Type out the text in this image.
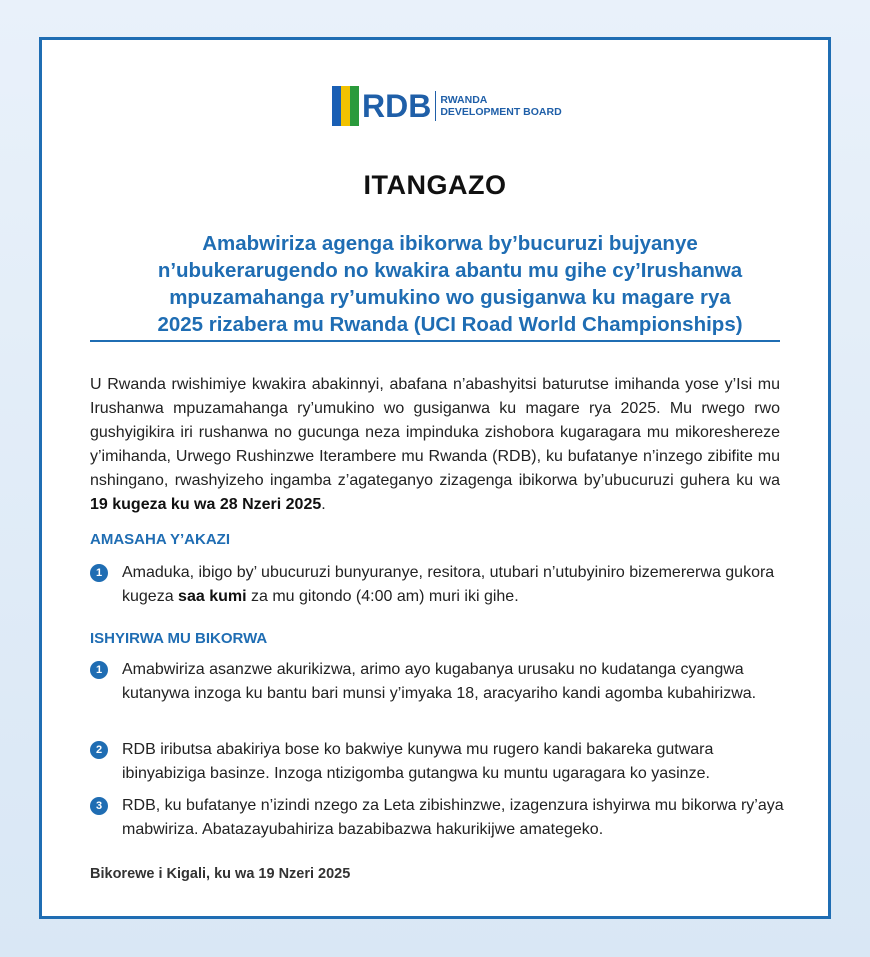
RDB RWANDA
DEVELOPMENT BOARD
ITANGAZO
Amabwiriza agenga ibikorwa by’bucuruzi bujyanye
n’ubukerarugendo no kwakira abantu mu gihe cy’Irushanwa
mpuzamahanga ry’umukino wo gusiganwa ku magare rya
2025 rizabera mu Rwanda (UCI Road World Championships)
U Rwanda rwishimiye kwakira abakinnyi, abafana n’abashyitsi baturutse imihanda yose y’Isi mu Irushanwa mpuzamahanga ry’umukino wo gusiganwa ku magare rya 2025. Mu rwego rwo gushyigikira iri rushanwa no gucunga neza impinduka zishobora kugaragara mu mikoreshereze y’imihanda, Urwego Rushinzwe Iterambere mu Rwanda (RDB), ku bufatanye n’inzego zibifite mu nshingano, rwashyizeho ingamba z’agateganyo zizagenga ibikorwa by’ubucuruzi guhera ku wa 19 kugeza ku wa 28 Nzeri 2025.
AMASAHA Y’AKAZI
1	Amaduka, ibigo by’ ubucuruzi bunyuranye, resitora, utubari n’utubyiniro bizemererwa gukora kugeza saa kumi za mu gitondo (4:00 am) muri iki gihe.
ISHYIRWA MU BIKORWA
1	Amabwiriza asanzwe akurikizwa, arimo ayo kugabanya urusaku no kudatanga cyangwa kutanywa inzoga ku bantu bari munsi y’imyaka 18, aracyariho kandi agomba kubahirizwa.
2	RDB iributsa abakiriya bose ko bakwiye kunywa mu rugero kandi bakareka gutwara ibinyabiziga basinze. Inzoga ntizigomba gutangwa ku muntu ugaragara ko yasinze.
3	RDB, ku bufatanye n’izindi nzego za Leta zibishinzwe, izagenzura ishyirwa mu bikorwa ry’aya mabwiriza. Abatazayubahiriza bazabibazwa hakurikijwe amategeko.
Bikorewe i Kigali, ku wa 19 Nzeri 2025
